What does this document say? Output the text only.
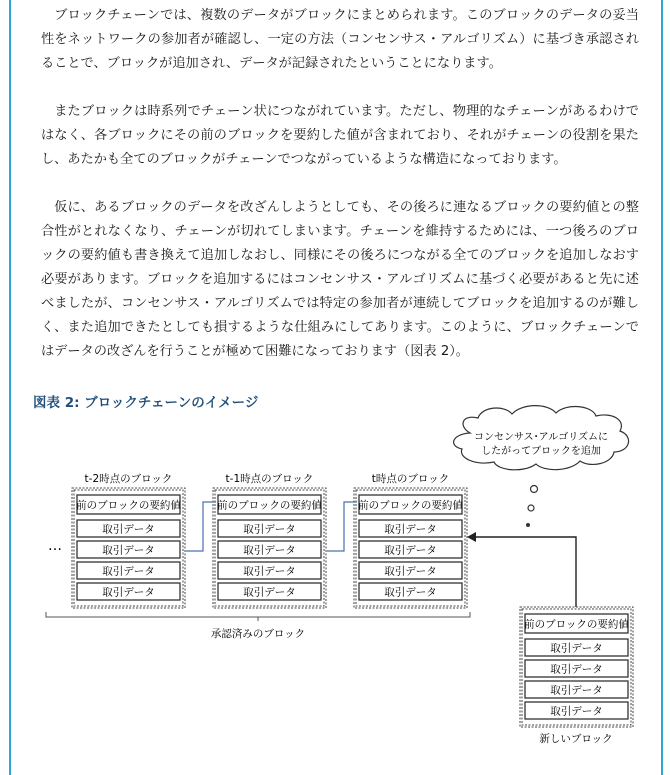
ブロックチェーンでは、複数のデータがブロックにまとめられます。このブロックのデータの妥当性をネットワークの参加者が確認し、一定の方法（コンセンサス・アルゴリズム）に基づき承認されることで、ブロックが追加され、データが記録されたということになります。

またブロックは時系列でチェーン状につながれています。ただし、物理的なチェーンがあるわけではなく、各ブロックにその前のブロックを要約した値が含まれており、それがチェーンの役割を果たし、あたかも全てのブロックがチェーンでつながっているような構造になっております。

仮に、あるブロックのデータを改ざんしようとしても、その後ろに連なるブロックの要約値との整合性がとれなくなり、チェーンが切れてしまいます。チェーンを維持するためには、一つ後ろのブロックの要約値も書き換えて追加しなおし、同様にその後ろにつながる全てのブロックを追加しなおす必要があります。ブロックを追加するにはコンセンサス・アルゴリズムに基づく必要があると先に述べましたが、コンセンサス・アルゴリズムでは特定の参加者が連続してブロックを追加するのが難しく、また追加できたとしても損するような仕組みにしてあります。このように、ブロックチェーンではデータの改ざんを行うことが極めて困難になっております（図表 2）。

図表 2: ブロックチェーンのイメージ
…
コンセンサス･アルゴリズムに
したがってブロックを追加
t-2時点のブロック
前のブロックの要約値
取引データ
取引データ
取引データ
取引データ
t-1時点のブロック
前のブロックの要約値
取引データ
取引データ
取引データ
取引データ
t時点のブロック
前のブロックの要約値
取引データ
取引データ
取引データ
取引データ
承認済みのブロック
前のブロックの要約値
取引データ
取引データ
取引データ
取引データ
新しいブロック
